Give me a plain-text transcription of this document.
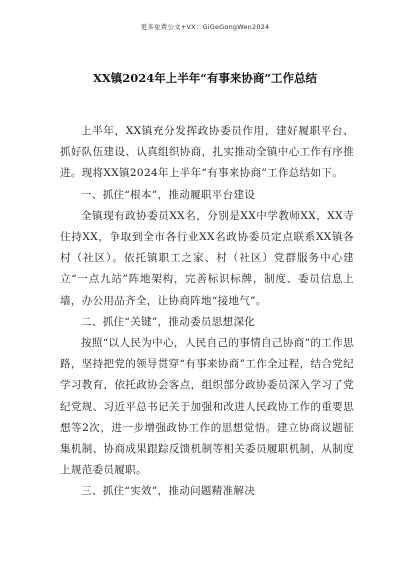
更多免费公文+VX：GiGeGongWen2024
XX镇2024年上半年“有事来协商”工作总结

上半年，XX镇充分发挥政协委员作用，建好履职平台、抓好队伍建设、认真组织协商，扎实推动全镇中心工作有序推进。现将XX镇2024年上半年“有事来协商”工作总结如下。

一、抓住“根本”，推动履职平台建设

全镇现有政协委员XX名，分别是XX中学教师XX，XX寺住持XX，争取到全市各行业XX名政协委员定点联系XX镇各村（社区）。依托镇职工之家、村（社区）党群服务中心建立“一点九站”阵地架构，完善标识标牌，制度、委员信息上墙，办公用品齐全，让协商阵地“接地气”。

二、抓住“关键”，推动委员思想深化

按照“以人民为中心，人民自己的事情自己协商”的工作思路，坚持把党的领导贯穿“有事来协商”工作全过程，结合党纪学习教育，依托政协会客点，组织部分政协委员深入学习了党纪党规、习近平总书记关于加强和改进人民政协工作的重要思想等2次，进一步增强政协工作的思想觉悟。建立协商议题征集机制、协商成果跟踪反馈机制等相关委员履职机制，从制度上规范委员履职。

三、抓住“实效”，推动问题精准解决
